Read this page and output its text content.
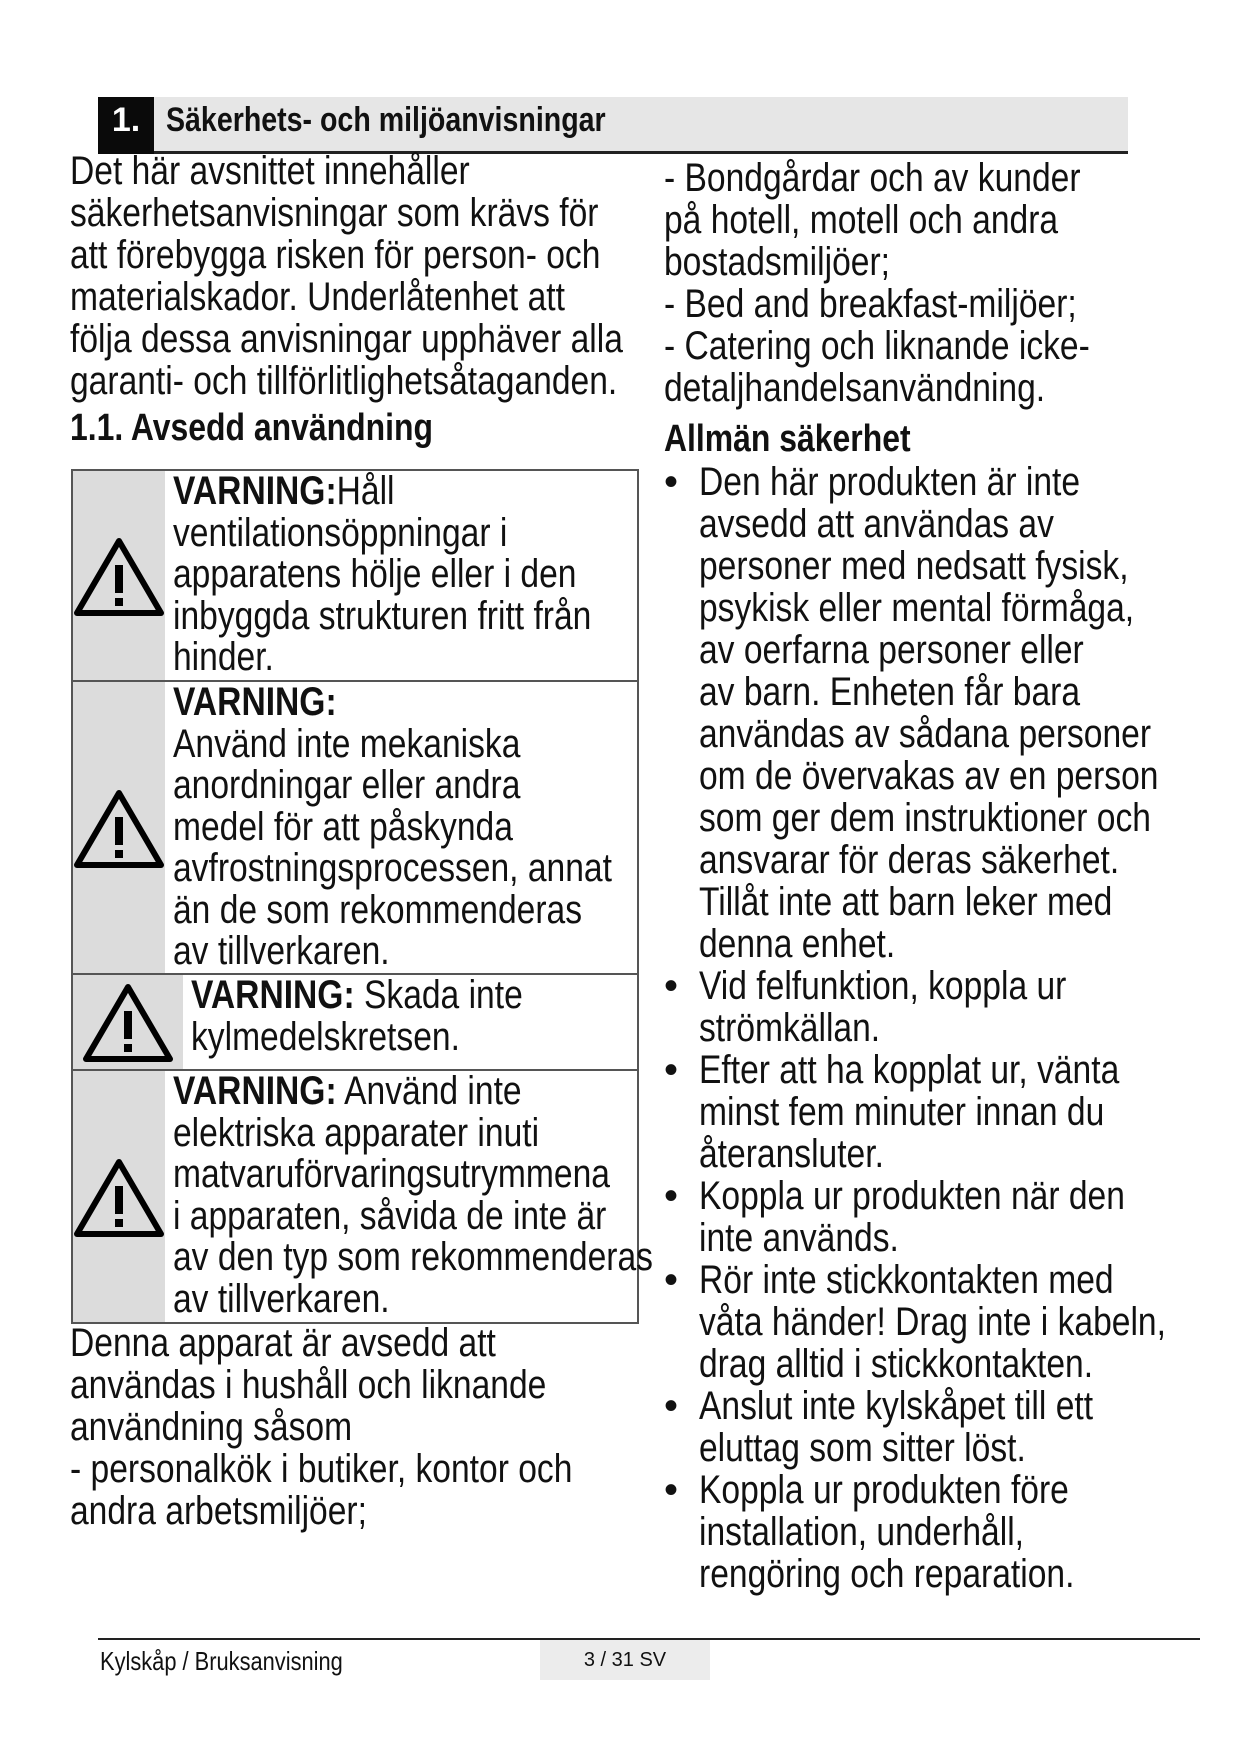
1. Säkerhets- och miljöanvisningar
Det här avsnittet innehåller
säkerhetsanvisningar som krävs för
att förebygga risken för person- och
materialskador. Underlåtenhet att
följa dessa anvisningar upphäver alla
garanti- och tillförlitlighetsåtaganden.
1.1. Avsedd användning
VARNING:Håll
ventilationsöppningar i
apparatens hölje eller i den
inbyggda strukturen fritt från
hinder.
VARNING:
Använd inte mekaniska
anordningar eller andra
medel för att påskynda
avfrostningsprocessen, annat
än de som rekommenderas
av tillverkaren.
VARNING: Skada inte
kylmedelskretsen.
VARNING: Använd inte
elektriska apparater inuti
matvaruförvaringsutrymmena
i apparaten, såvida de inte är
av den typ som rekommenderas
av tillverkaren.
Denna apparat är avsedd att
användas i hushåll och liknande
användning såsom
- personalkök i butiker, kontor och
andra arbetsmiljöer;
- Bondgårdar och av kunder
på hotell, motell och andra
bostadsmiljöer;
- Bed and breakfast-miljöer;
- Catering och liknande icke-
detaljhandelsanvändning.
Allmän säkerhet
• Den här produkten är inte
avsedd att användas av
personer med nedsatt fysisk,
psykisk eller mental förmåga,
av oerfarna personer eller
av barn. Enheten får bara
användas av sådana personer
om de övervakas av en person
som ger dem instruktioner och
ansvarar för deras säkerhet.
Tillåt inte att barn leker med
denna enhet.
• Vid felfunktion, koppla ur
strömkällan.
• Efter att ha kopplat ur, vänta
minst fem minuter innan du
återansluter.
• Koppla ur produkten när den
inte används.
• Rör inte stickkontakten med
våta händer! Drag inte i kabeln,
drag alltid i stickkontakten.
• Anslut inte kylskåpet till ett
eluttag som sitter löst.
• Koppla ur produkten före
installation, underhåll,
rengöring och reparation.
Kylskåp / Bruksanvisning	3 / 31 SV
